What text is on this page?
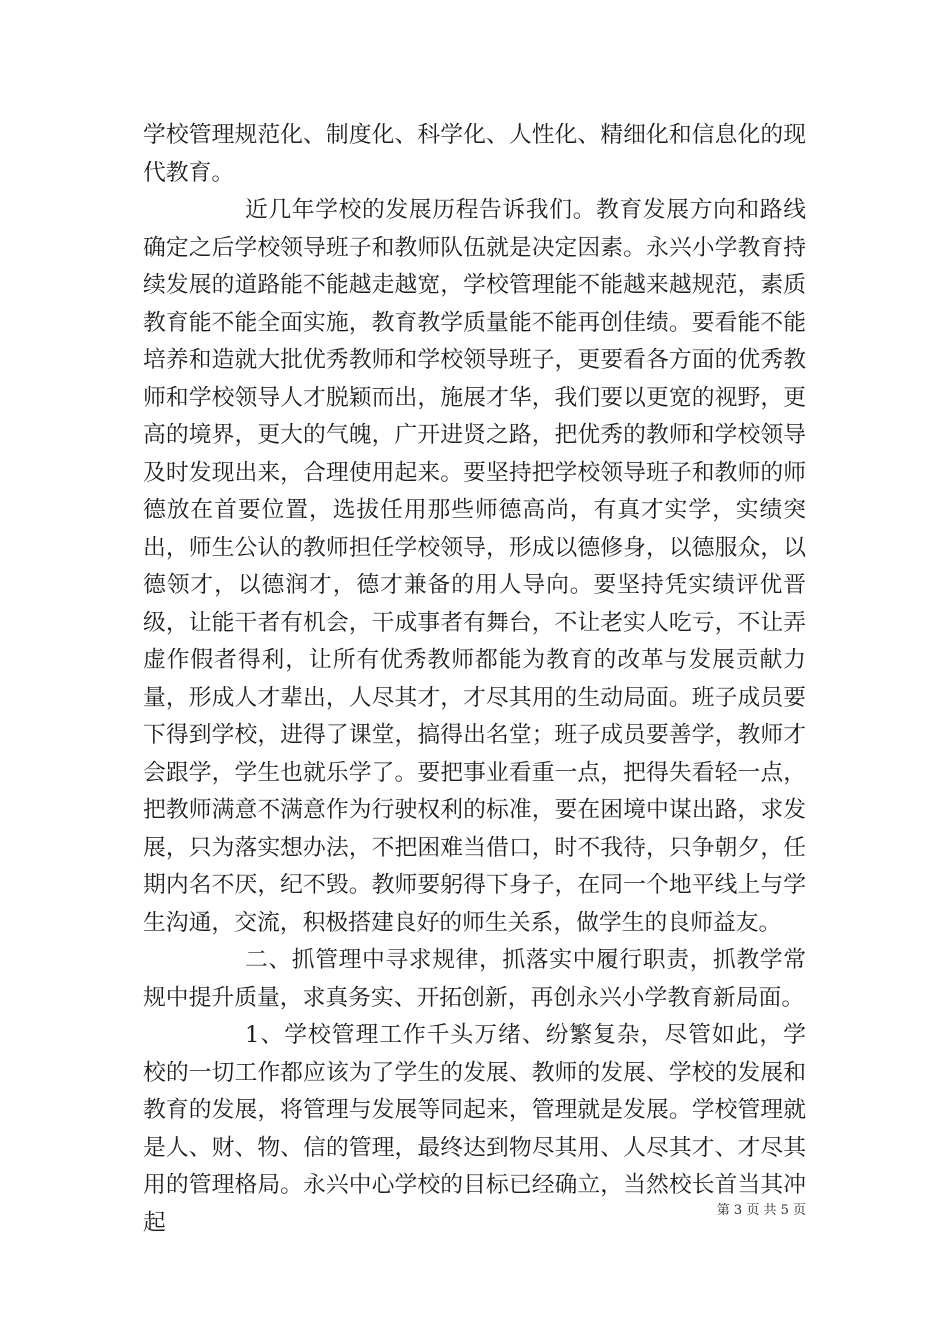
学校管理规范化、制度化、科学化、人性化、精细化和信息化的现代教育。

近几年学校的发展历程告诉我们。教育发展方向和路线确定之后学校领导班子和教师队伍就是决定因素。永兴小学教育持续发展的道路能不能越走越宽，学校管理能不能越来越规范，素质教育能不能全面实施，教育教学质量能不能再创佳绩。要看能不能培养和造就大批优秀教师和学校领导班子，更要看各方面的优秀教师和学校领导人才脱颖而出，施展才华，我们要以更宽的视野，更高的境界，更大的气魄，广开进贤之路，把优秀的教师和学校领导及时发现出来，合理使用起来。要坚持把学校领导班子和教师的师德放在首要位置，选拔任用那些师德高尚，有真才实学，实绩突出，师生公认的教师担任学校领导，形成以德修身，以德服众，以德领才，以德润才，德才兼备的用人导向。要坚持凭实绩评优晋级，让能干者有机会，干成事者有舞台，不让老实人吃亏，不让弄虚作假者得利，让所有优秀教师都能为教育的改革与发展贡献力量，形成人才辈出，人尽其才，才尽其用的生动局面。班子成员要下得到学校，进得了课堂，搞得出名堂；班子成员要善学，教师才会跟学，学生也就乐学了。要把事业看重一点，把得失看轻一点，把教师满意不满意作为行驶权利的标准，要在困境中谋出路，求发展，只为落实想办法，不把困难当借口，时不我待，只争朝夕，任期内名不厌，纪不毁。教师要躬得下身子，在同一个地平线上与学生沟通，交流，积极搭建良好的师生关系，做学生的良师益友。

二、抓管理中寻求规律，抓落实中履行职责，抓教学常规中提升质量，求真务实、开拓创新，再创永兴小学教育新局面。

1、学校管理工作千头万绪、纷繁复杂，尽管如此，学校的一切工作都应该为了学生的发展、教师的发展、学校的发展和教育的发展，将管理与发展等同起来，管理就是发展。学校管理就是人、财、物、信的管理，最终达到物尽其用、人尽其才、才尽其用的管理格局。永兴中心学校的目标已经确立，当然校长首当其冲起	第 3 页 共 5 页
